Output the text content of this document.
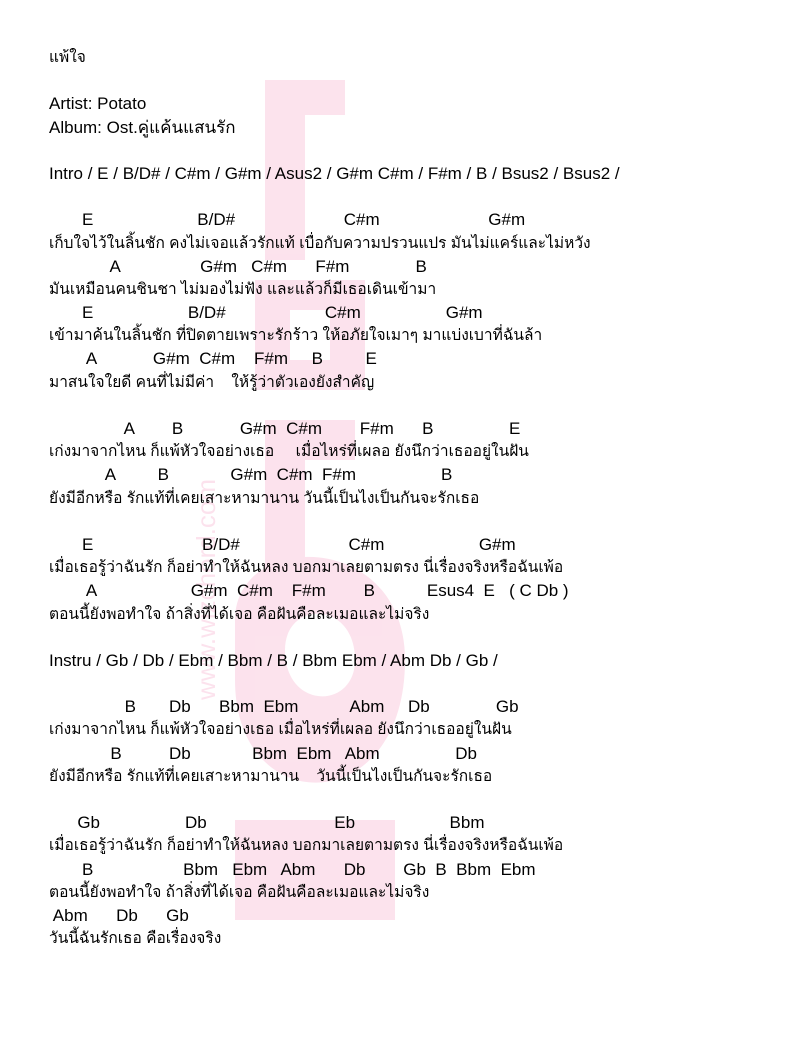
www.wizchord.com
แพ้ใจ
Artist: Potato
Album: Ost.คู่แค้นแสนรัก
Intro / E / B/D# / C#m / G#m / Asus2 / G#m C#m / F#m / B / Bsus2 / Bsus2 /
E                      B/D#                       C#m                       G#m
เก็บใจไว้ในลิ้นชัก คงไม่เจอแล้วรักแท้ เบื่อกับความปรวนแปร มันไม่แคร์และไม่หวัง
A                 G#m   C#m      F#m              B
มันเหมือนคนชินชา ไม่มองไม่ฟัง และแล้วก็มีเธอเดินเข้ามา
E                    B/D#                     C#m                  G#m
เข้ามาค้นในลิ้นชัก ที่ปิดตายเพราะรักร้าว ให้อภัยใจเมาๆ มาแบ่งเบาที่ฉันล้า
A            G#m  C#m    F#m     B         E
มาสนใจใยดี คนที่ไม่มีค่า    ให้รู้ว่าตัวเองยังสำคัญ
A        B            G#m  C#m        F#m      B                E
เก่งมาจากไหน ก็แพ้หัวใจอย่างเธอ     เมื่อไหร่ที่เผลอ ยังนึกว่าเธออยู่ในฝัน
A         B             G#m  C#m  F#m                  B
ยังมีอีกหรือ รักแท้ที่เคยเสาะหามานาน วันนี้เป็นไงเป็นกันจะรักเธอ
E                       B/D#                       C#m                    G#m
เมื่อเธอรู้ว่าฉันรัก ก็อย่าทำให้ฉันหลง บอกมาเลยตามตรง นี่เรื่องจริงหรือฉันเพ้อ
A                    G#m  C#m    F#m        B           Esus4  E   ( C Db )
ตอนนี้ยังพอทำใจ ถ้าสิ่งที่ได้เจอ คือฝันคือละเมอและไม่จริง
Instru / Gb / Db / Ebm / Bbm / B / Bbm Ebm / Abm Db / Gb /
B       Db      Bbm  Ebm           Abm     Db              Gb
เก่งมาจากไหน ก็แพ้หัวใจอย่างเธอ เมื่อไหร่ที่เผลอ ยังนึกว่าเธออยู่ในฝัน
B          Db             Bbm  Ebm   Abm                Db
ยังมีอีกหรือ รักแท้ที่เคยเสาะหามานาน    วันนี้เป็นไงเป็นกันจะรักเธอ
Gb                  Db                           Eb                    Bbm
เมื่อเธอรู้ว่าฉันรัก ก็อย่าทำให้ฉันหลง บอกมาเลยตามตรง นี่เรื่องจริงหรือฉันเพ้อ
B                   Bbm   Ebm   Abm      Db        Gb  B  Bbm  Ebm
ตอนนี้ยังพอทำใจ ถ้าสิ่งที่ได้เจอ คือฝันคือละเมอและไม่จริง
Abm      Db      Gb
วันนี้ฉันรักเธอ คือเรื่องจริง
